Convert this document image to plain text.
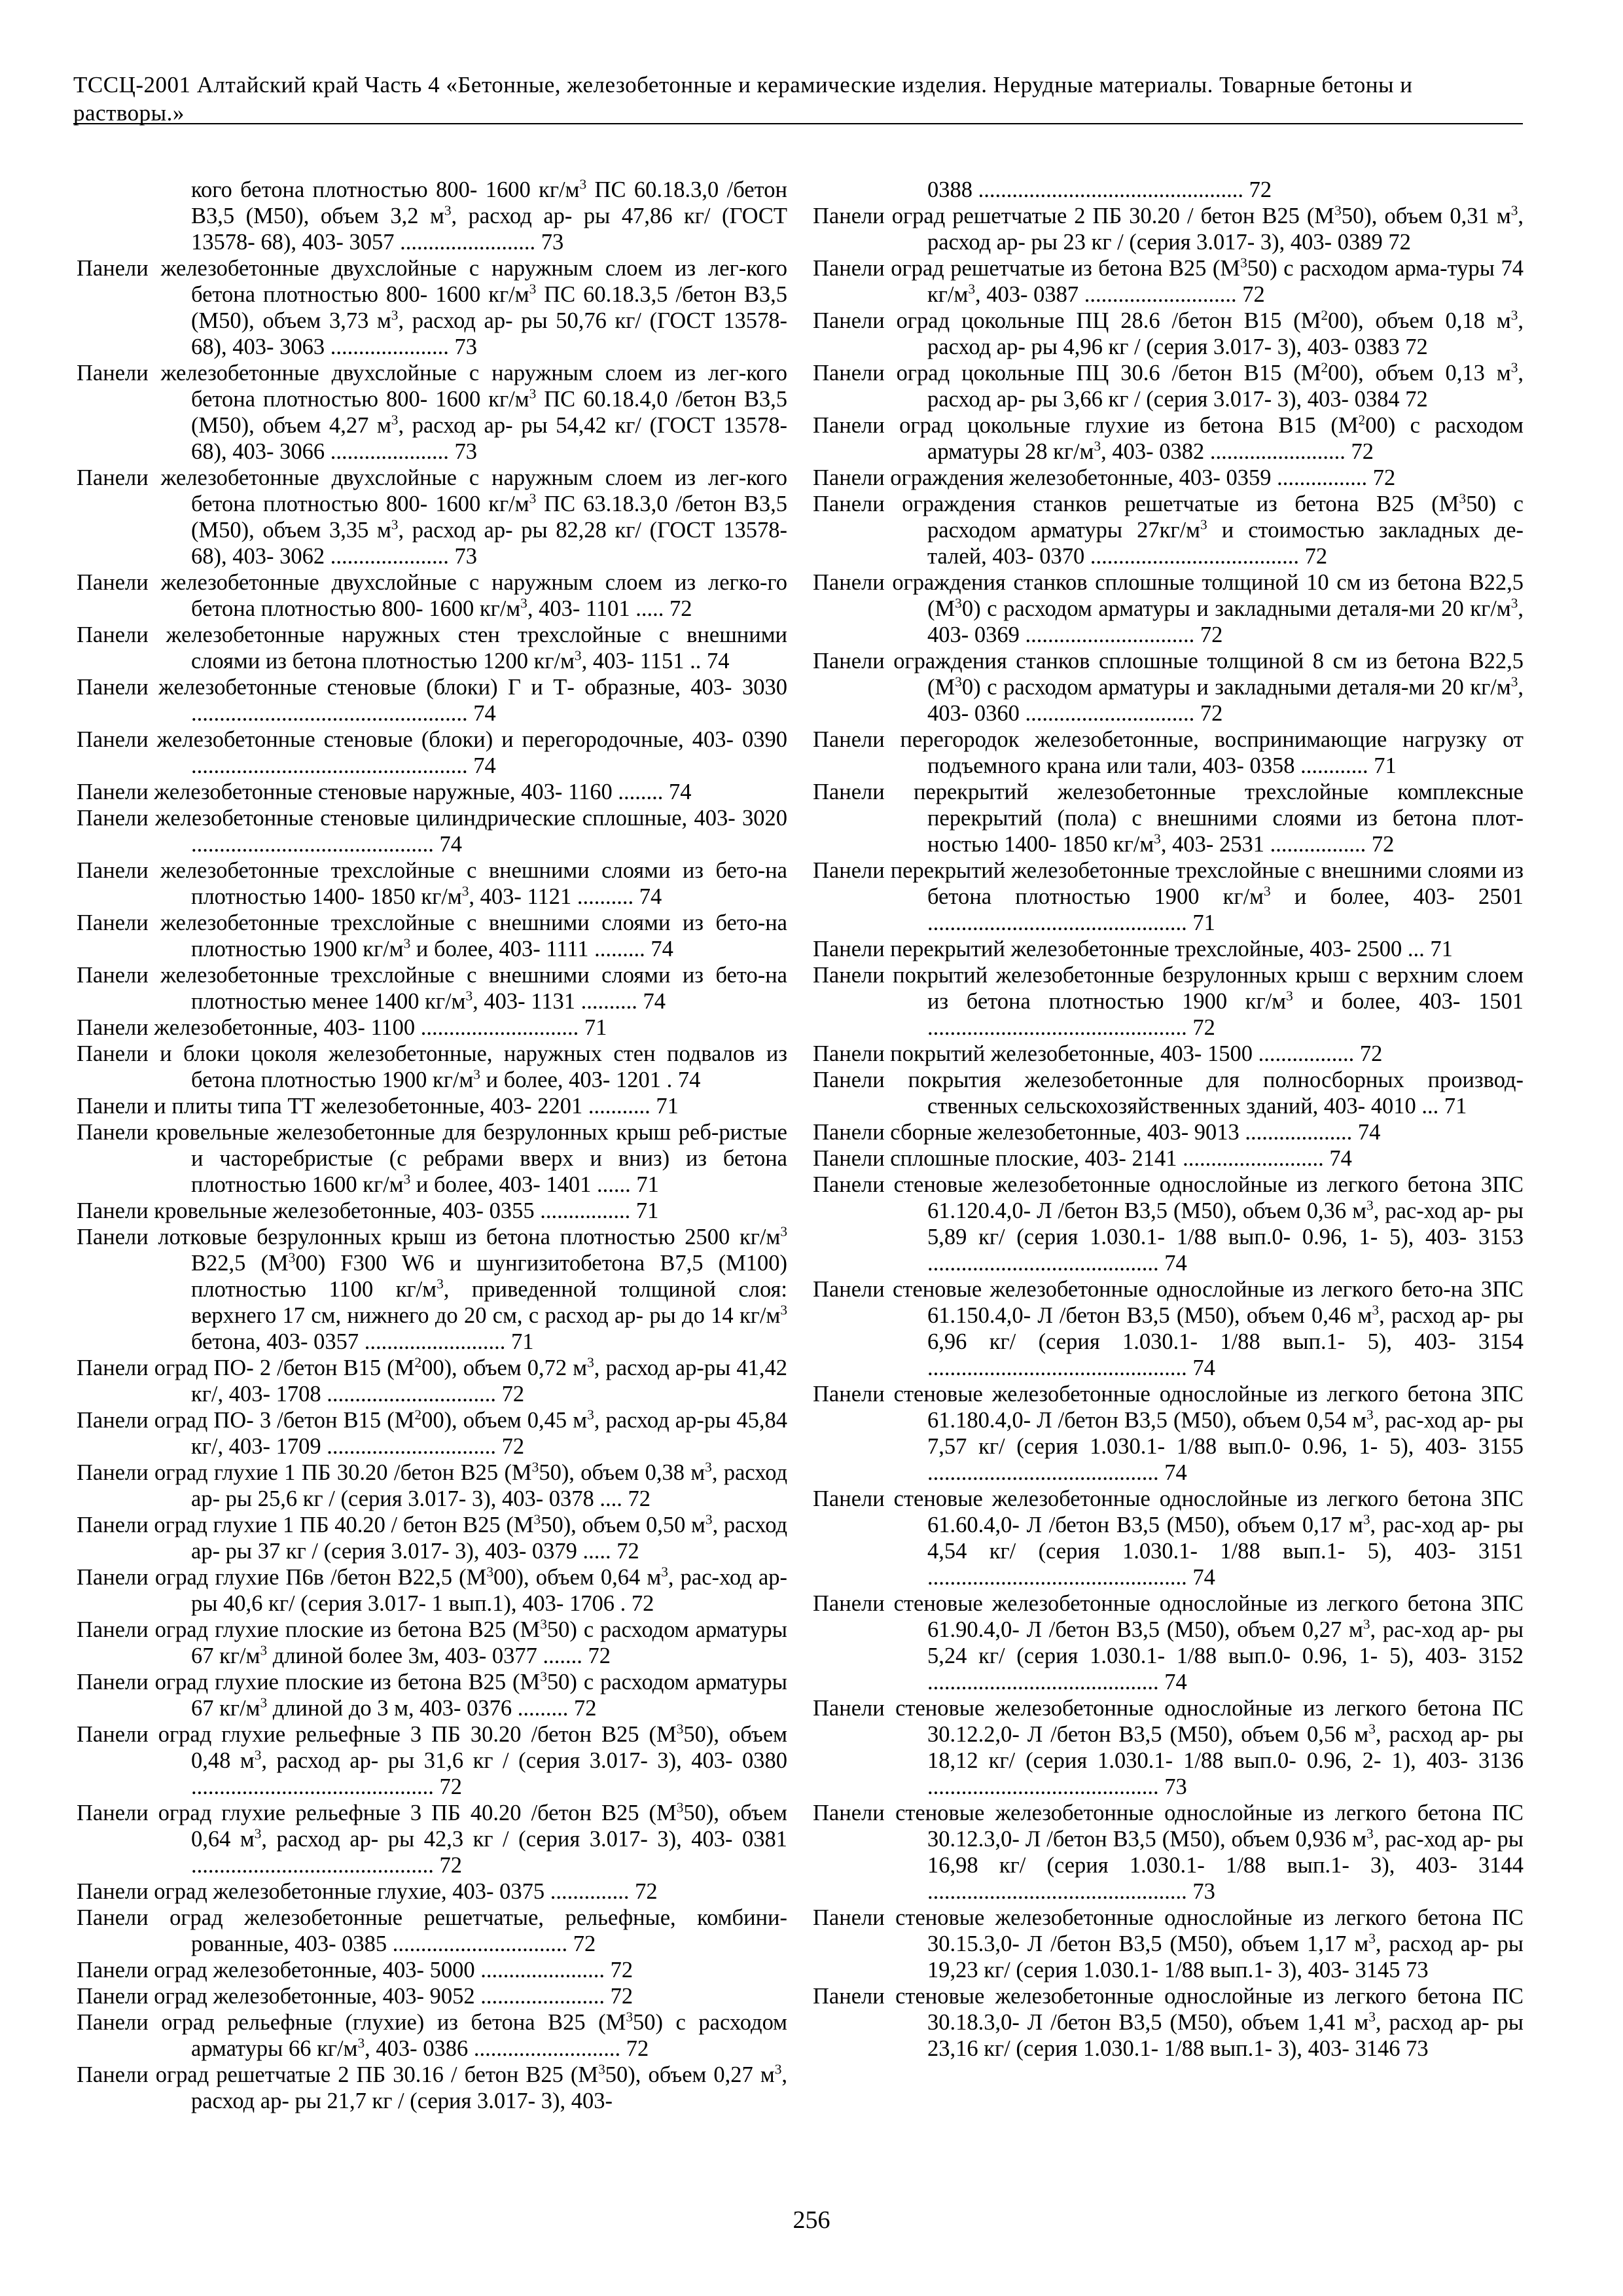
ТССЦ-2001 Алтайский край Часть 4 «Бетонные, железобетонные и керамические изделия. Нерудные материалы. Товарные бетоны и растворы.»
кого бетона плотностью 800- 1600 $кг/м^3$ ПС 60.18.3,0 /бетон В3,5 (М50), объем 3,2 $м^3$, расход ар- ры 47,86 кг/ (ГОСТ 13578- 68), 403- 3057 ........................ 73
Панели железобетонные двухслойные с наружным слоем из лег-кого бетона плотностью 800- 1600 $кг/м^3$ ПС 60.18.3,5 /бетон В3,5 (М50), объем 3,73 $м^3$, расход ар- ры 50,76 кг/ (ГОСТ 13578- 68), 403- 3063 ..................... 73
Панели железобетонные двухслойные с наружным слоем из лег-кого бетона плотностью 800- 1600 $кг/м^3$ ПС 60.18.4,0 /бетон В3,5 (М50), объем 4,27 $м^3$, расход ар- ры 54,42 кг/ (ГОСТ 13578- 68), 403- 3066 ..................... 73
Панели железобетонные двухслойные с наружным слоем из лег-кого бетона плотностью 800- 1600 $кг/м^3$ ПС 63.18.3,0 /бетон В3,5 (М50), объем 3,35 $м^3$, расход ар- ры 82,28 кг/ (ГОСТ 13578- 68), 403- 3062 ..................... 73
Панели железобетонные двухслойные с наружным слоем из легко-го бетона плотностью 800- 1600 $кг/м^3$, 403- 1101 ..... 72
Панели железобетонные наружных стен трехслойные с внешними слоями из бетона плотностью 1200 $кг/м^3$, 403- 1151 .. 74
Панели железобетонные стеновые (блоки) Г и Т- образные, 403- 3030 ................................................. 74
Панели железобетонные стеновые (блоки) и перегородочные, 403- 0390 ................................................. 74
Панели железобетонные стеновые наружные, 403- 1160 ........ 74
Панели железобетонные стеновые цилиндрические сплошные, 403- 3020 ........................................... 74
Панели железобетонные трехслойные с внешними слоями из бето-на плотностью 1400- 1850 $кг/м^3$, 403- 1121 .......... 74
Панели железобетонные трехслойные с внешними слоями из бето-на плотностью 1900 $кг/м^3$ и более, 403- 1111 ......... 74
Панели железобетонные трехслойные с внешними слоями из бето-на плотностью менее 1400 $кг/м^3$, 403- 1131 .......... 74
Панели железобетонные, 403- 1100 ............................ 71
Панели и блоки цоколя железобетонные, наружных стен подвалов из бетона плотностью 1900 $кг/м^3$ и более, 403- 1201 . 74
Панели и плиты типа ТТ железобетонные, 403- 2201 ........... 71
Панели кровельные железобетонные для безрулонных крыш реб-ристые и часторебристые (с ребрами вверх и вниз) из бетона плотностью 1600 $кг/м^3$ и более, 403- 1401 ...... 71
Панели кровельные железобетонные, 403- 0355 ................ 71
Панели лотковые безрулонных крыш из бетона плотностью 2500 $кг/м^3$ В22,5 $(М^300)$ F300 W6 и шунгизитобетона В7,5 (М100) плотностью 1100 $кг/м^3$, приведенной толщиной слоя: верхнего 17 см, нижнего до 20 см, с расход ар- ры до 14 $кг/м^3$ бетона, 403- 0357 ......................... 71
Панели оград ПО- 2 /бетон В15 $(М^200)$, объем 0,72 $м^3$, расход ар-ры 41,42 кг/, 403- 1708 .............................. 72
Панели оград ПО- 3 /бетон В15 $(М^200)$, объем 0,45 $м^3$, расход ар-ры 45,84 кг/, 403- 1709 .............................. 72
Панели оград глухие 1 ПБ 30.20 /бетон В25 $(М^350)$, объем 0,38 $м^3$, расход ар- ры 25,6 кг / (серия 3.017- 3), 403- 0378 .... 72
Панели оград глухие 1 ПБ 40.20 / бетон В25 $(М^350)$, объем 0,50 $м^3$, расход ар- ры 37 кг / (серия 3.017- 3), 403- 0379 ..... 72
Панели оград глухие П6в /бетон В22,5 $(М^300)$, объем 0,64 $м^3$, рас-ход ар- ры 40,6 кг/ (серия 3.017- 1 вып.1), 403- 1706 . 72
Панели оград глухие плоские из бетона В25 $(М^350)$ с расходом арматуры 67 $кг/м^3$ длиной более 3м, 403- 0377 ....... 72
Панели оград глухие плоские из бетона В25 $(М^350)$ с расходом арматуры 67 $кг/м^3$ длиной до 3 м, 403- 0376 ......... 72
Панели оград глухие рельефные 3 ПБ 30.20 /бетон В25 $(М^350)$, объем 0,48 $м^3$, расход ар- ры 31,6 кг / (серия 3.017- 3), 403- 0380 ........................................... 72
Панели оград глухие рельефные 3 ПБ 40.20 /бетон В25 $(М^350)$, объем 0,64 $м^3$, расход ар- ры 42,3 кг / (серия 3.017- 3), 403- 0381 ........................................... 72
Панели оград железобетонные глухие, 403- 0375 .............. 72
Панели оград железобетонные решетчатые, рельефные, комбини-рованные, 403- 0385 ............................... 72
Панели оград железобетонные, 403- 5000 ...................... 72
Панели оград железобетонные, 403- 9052 ...................... 72
Панели оград рельефные (глухие) из бетона В25 $(М^350)$ с расходом арматуры 66 $кг/м^3$, 403- 0386 .......................... 72
Панели оград решетчатые 2 ПБ 30.16 / бетон В25 $(М^350)$, объем 0,27 $м^3$, расход ар- ры 21,7 кг / (серия 3.017- 3), 403-
0388 ............................................... 72
Панели оград решетчатые 2 ПБ 30.20 / бетон В25 $(М^350)$, объем 0,31 $м^3$, расход ар- ры 23 кг / (серия 3.017- 3), 403- 0389 72
Панели оград решетчатые из бетона В25 $(М^350)$ с расходом арма-туры 74 $кг/м^3$, 403- 0387 ........................... 72
Панели оград цокольные ПЦ 28.6 /бетон В15 $(М^200)$, объем 0,18 $м^3$, расход ар- ры 4,96 кг / (серия 3.017- 3), 403- 0383 72
Панели оград цокольные ПЦ 30.6 /бетон В15 $(М^200)$, объем 0,13 $м^3$, расход ар- ры 3,66 кг / (серия 3.017- 3), 403- 0384 72
Панели оград цокольные глухие из бетона В15 $(М^200)$ с расходом арматуры 28 $кг/м^3$, 403- 0382 ........................ 72
Панели ограждения железобетонные, 403- 0359 ................ 72
Панели ограждения станков решетчатые из бетона В25 $(М^350)$ с расходом арматуры $27кг/м^3$ и стоимостью закладных де-талей, 403- 0370 ..................................... 72
Панели ограждения станков сплошные толщиной 10 см из бетона В22,5 $(М^30)$ с расходом арматуры и закладными деталя-ми 20 $кг/м^3$, 403- 0369 .............................. 72
Панели ограждения станков сплошные толщиной 8 см из бетона В22,5 $(М^30)$ с расходом арматуры и закладными деталя-ми 20 $кг/м^3$, 403- 0360 .............................. 72
Панели перегородок железобетонные, воспринимающие нагрузку от подъемного крана или тали, 403- 0358 ............ 71
Панели перекрытий железобетонные трехслойные комплексные перекрытий (пола) с внешними слоями из бетона плот-ностью 1400- 1850 $кг/м^3$, 403- 2531 ................. 72
Панели перекрытий железобетонные трехслойные с внешними слоями из бетона плотностью 1900 $кг/м^3$ и более, 403- 2501 .............................................. 71
Панели перекрытий железобетонные трехслойные, 403- 2500 ... 71
Панели покрытий железобетонные безрулонных крыш с верхним слоем из бетона плотностью 1900 $кг/м^3$ и более, 403- 1501 .............................................. 72
Панели покрытий железобетонные, 403- 1500 ................. 72
Панели покрытия железобетонные для полносборных производ-ственных сельскохозяйственных зданий, 403- 4010 ... 71
Панели сборные железобетонные, 403- 9013 ................... 74
Панели сплошные плоские, 403- 2141 ......................... 74
Панели стеновые железобетонные однослойные из легкого бетона 3ПС 61.120.4,0- Л /бетон В3,5 (М50), объем 0,36 $м^3$, рас-ход ар- ры 5,89 кг/ (серия 1.030.1- 1/88 вып.0- 0.96, 1- 5), 403- 3153 ......................................... 74
Панели стеновые железобетонные однослойные из легкого бето-на 3ПС 61.150.4,0- Л /бетон В3,5 (М50), объем 0,46 $м^3$, расход ар- ры 6,96 кг/ (серия 1.030.1- 1/88 вып.1- 5), 403- 3154 .............................................. 74
Панели стеновые железобетонные однослойные из легкого бетона 3ПС 61.180.4,0- Л /бетон В3,5 (М50), объем 0,54 $м^3$, рас-ход ар- ры 7,57 кг/ (серия 1.030.1- 1/88 вып.0- 0.96, 1- 5), 403- 3155 ......................................... 74
Панели стеновые железобетонные однослойные из легкого бетона 3ПС 61.60.4,0- Л /бетон В3,5 (М50), объем 0,17 $м^3$, рас-ход ар- ры 4,54 кг/ (серия 1.030.1- 1/88 вып.1- 5), 403- 3151 .............................................. 74
Панели стеновые железобетонные однослойные из легкого бетона 3ПС 61.90.4,0- Л /бетон В3,5 (М50), объем 0,27 $м^3$, рас-ход ар- ры 5,24 кг/ (серия 1.030.1- 1/88 вып.0- 0.96, 1- 5), 403- 3152 ......................................... 74
Панели стеновые железобетонные однослойные из легкого бетона ПС 30.12.2,0- Л /бетон В3,5 (М50), объем 0,56 $м^3$, расход ар- ры 18,12 кг/ (серия 1.030.1- 1/88 вып.0- 0.96, 2- 1), 403- 3136 ......................................... 73
Панели стеновые железобетонные однослойные из легкого бетона ПС 30.12.3,0- Л /бетон В3,5 (М50), объем 0,936 $м^3$, рас-ход ар- ры 16,98 кг/ (серия 1.030.1- 1/88 вып.1- 3), 403- 3144 .............................................. 73
Панели стеновые железобетонные однослойные из легкого бетона ПС 30.15.3,0- Л /бетон В3,5 (М50), объем 1,17 $м^3$, расход ар- ры 19,23 кг/ (серия 1.030.1- 1/88 вып.1- 3), 403- 3145 73
Панели стеновые железобетонные однослойные из легкого бетона ПС 30.18.3,0- Л /бетон В3,5 (М50), объем 1,41 $м^3$, расход ар- ры 23,16 кг/ (серия 1.030.1- 1/88 вып.1- 3), 403- 3146 73
256
